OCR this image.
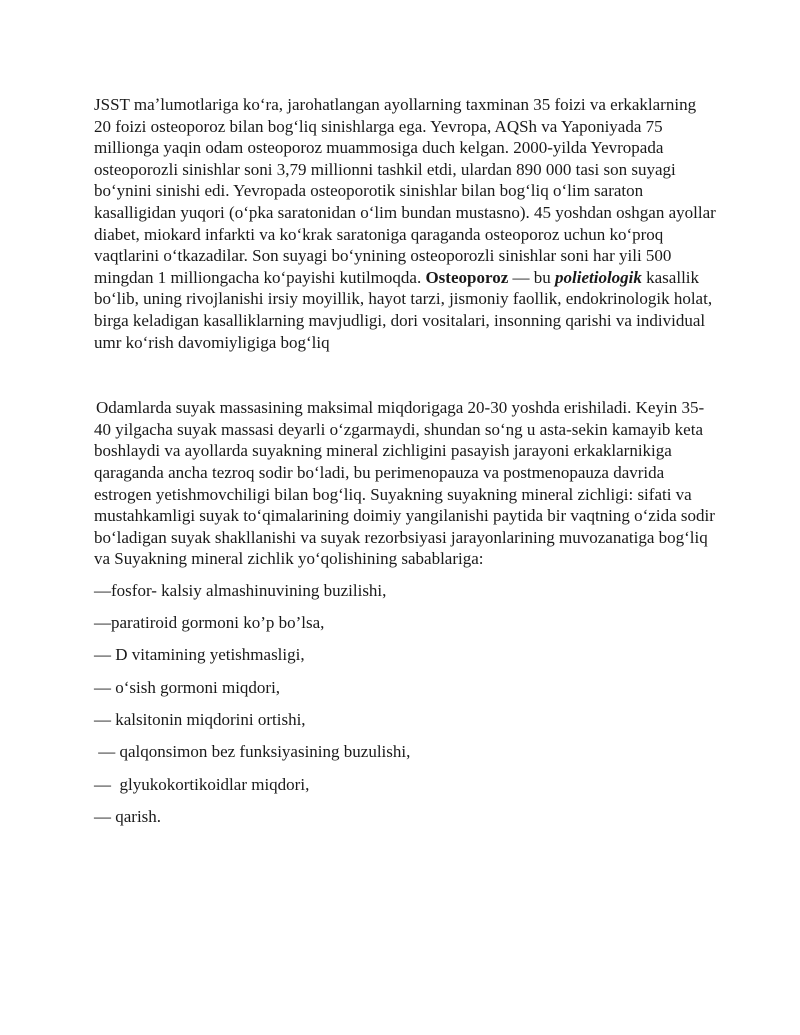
JSST maʼlumotlariga koʻra, jarohatlangan ayollarning taxminan 35 foizi va erkaklarning 20 foizi osteoporoz bilan bogʻliq sinishlarga ega. Yevropa, AQSh va Yaponiyada 75 millionga yaqin odam osteoporoz muammosiga duch kelgan. 2000-yilda Yevropada osteoporozli sinishlar soni 3,79 millionni tashkil etdi, ulardan 890 000 tasi son suyagi boʻynini sinishi edi. Yevropada osteoporotik sinishlar bilan bogʻliq oʻlim saraton kasalligidan yuqori (oʻpka saratonidan oʻlim bundan mustasno). 45 yoshdan oshgan ayollar diabet, miokard infarkti va koʻkrak saratoniga qaraganda osteoporoz uchun koʻproq vaqtlarini oʻtkazadilar. Son suyagi boʻynining osteoporozli sinishlar soni har yili 500 mingdan 1 milliongacha koʻpayishi kutilmoqda. Osteoporoz — bu polietiologik kasallik boʻlib, uning rivojlanishi irsiy moyillik, hayot tarzi, jismoniy faollik, endokrinologik holat, birga keladigan kasalliklarning mavjudligi, dori vositalari, insonning qarishi va individual umr koʻrish davomiyligiga bogʻliq

Odamlarda suyak massasining maksimal miqdorigaga 20-30 yoshda erishiladi. Keyin 35-40 yilgacha suyak massasi deyarli oʻzgarmaydi, shundan soʻng u asta-sekin kamayib keta boshlaydi va ayollarda suyakning mineral zichligini pasayish jarayoni erkaklarnikiga qaraganda ancha tezroq sodir boʻladi, bu perimenopauza va postmenopauza davrida estrogen yetishmovchiligi bilan bogʻliq. Suyakning suyakning mineral zichligi: sifati va mustahkamligi suyak toʻqimalarining doimiy yangilanishi paytida bir vaqtning oʻzida sodir boʻladigan suyak shakllanishi va suyak rezorbsiyasi jarayonlarining muvozanatiga bogʻliq va Suyakning mineral zichlik yoʻqolishining sabablariga:

—fosfor- kalsiy almashinuvining buzilishi,
—paratiroid gormoni ko’p bo’lsa,
— D vitamining yetishmasligi,
— oʻsish gormoni miqdori,
— kalsitonin miqdorini ortishi,
— qalqonsimon bez funksiyasining buzulishi,
—  glyukokortikoidlar miqdori,
— qarish.
